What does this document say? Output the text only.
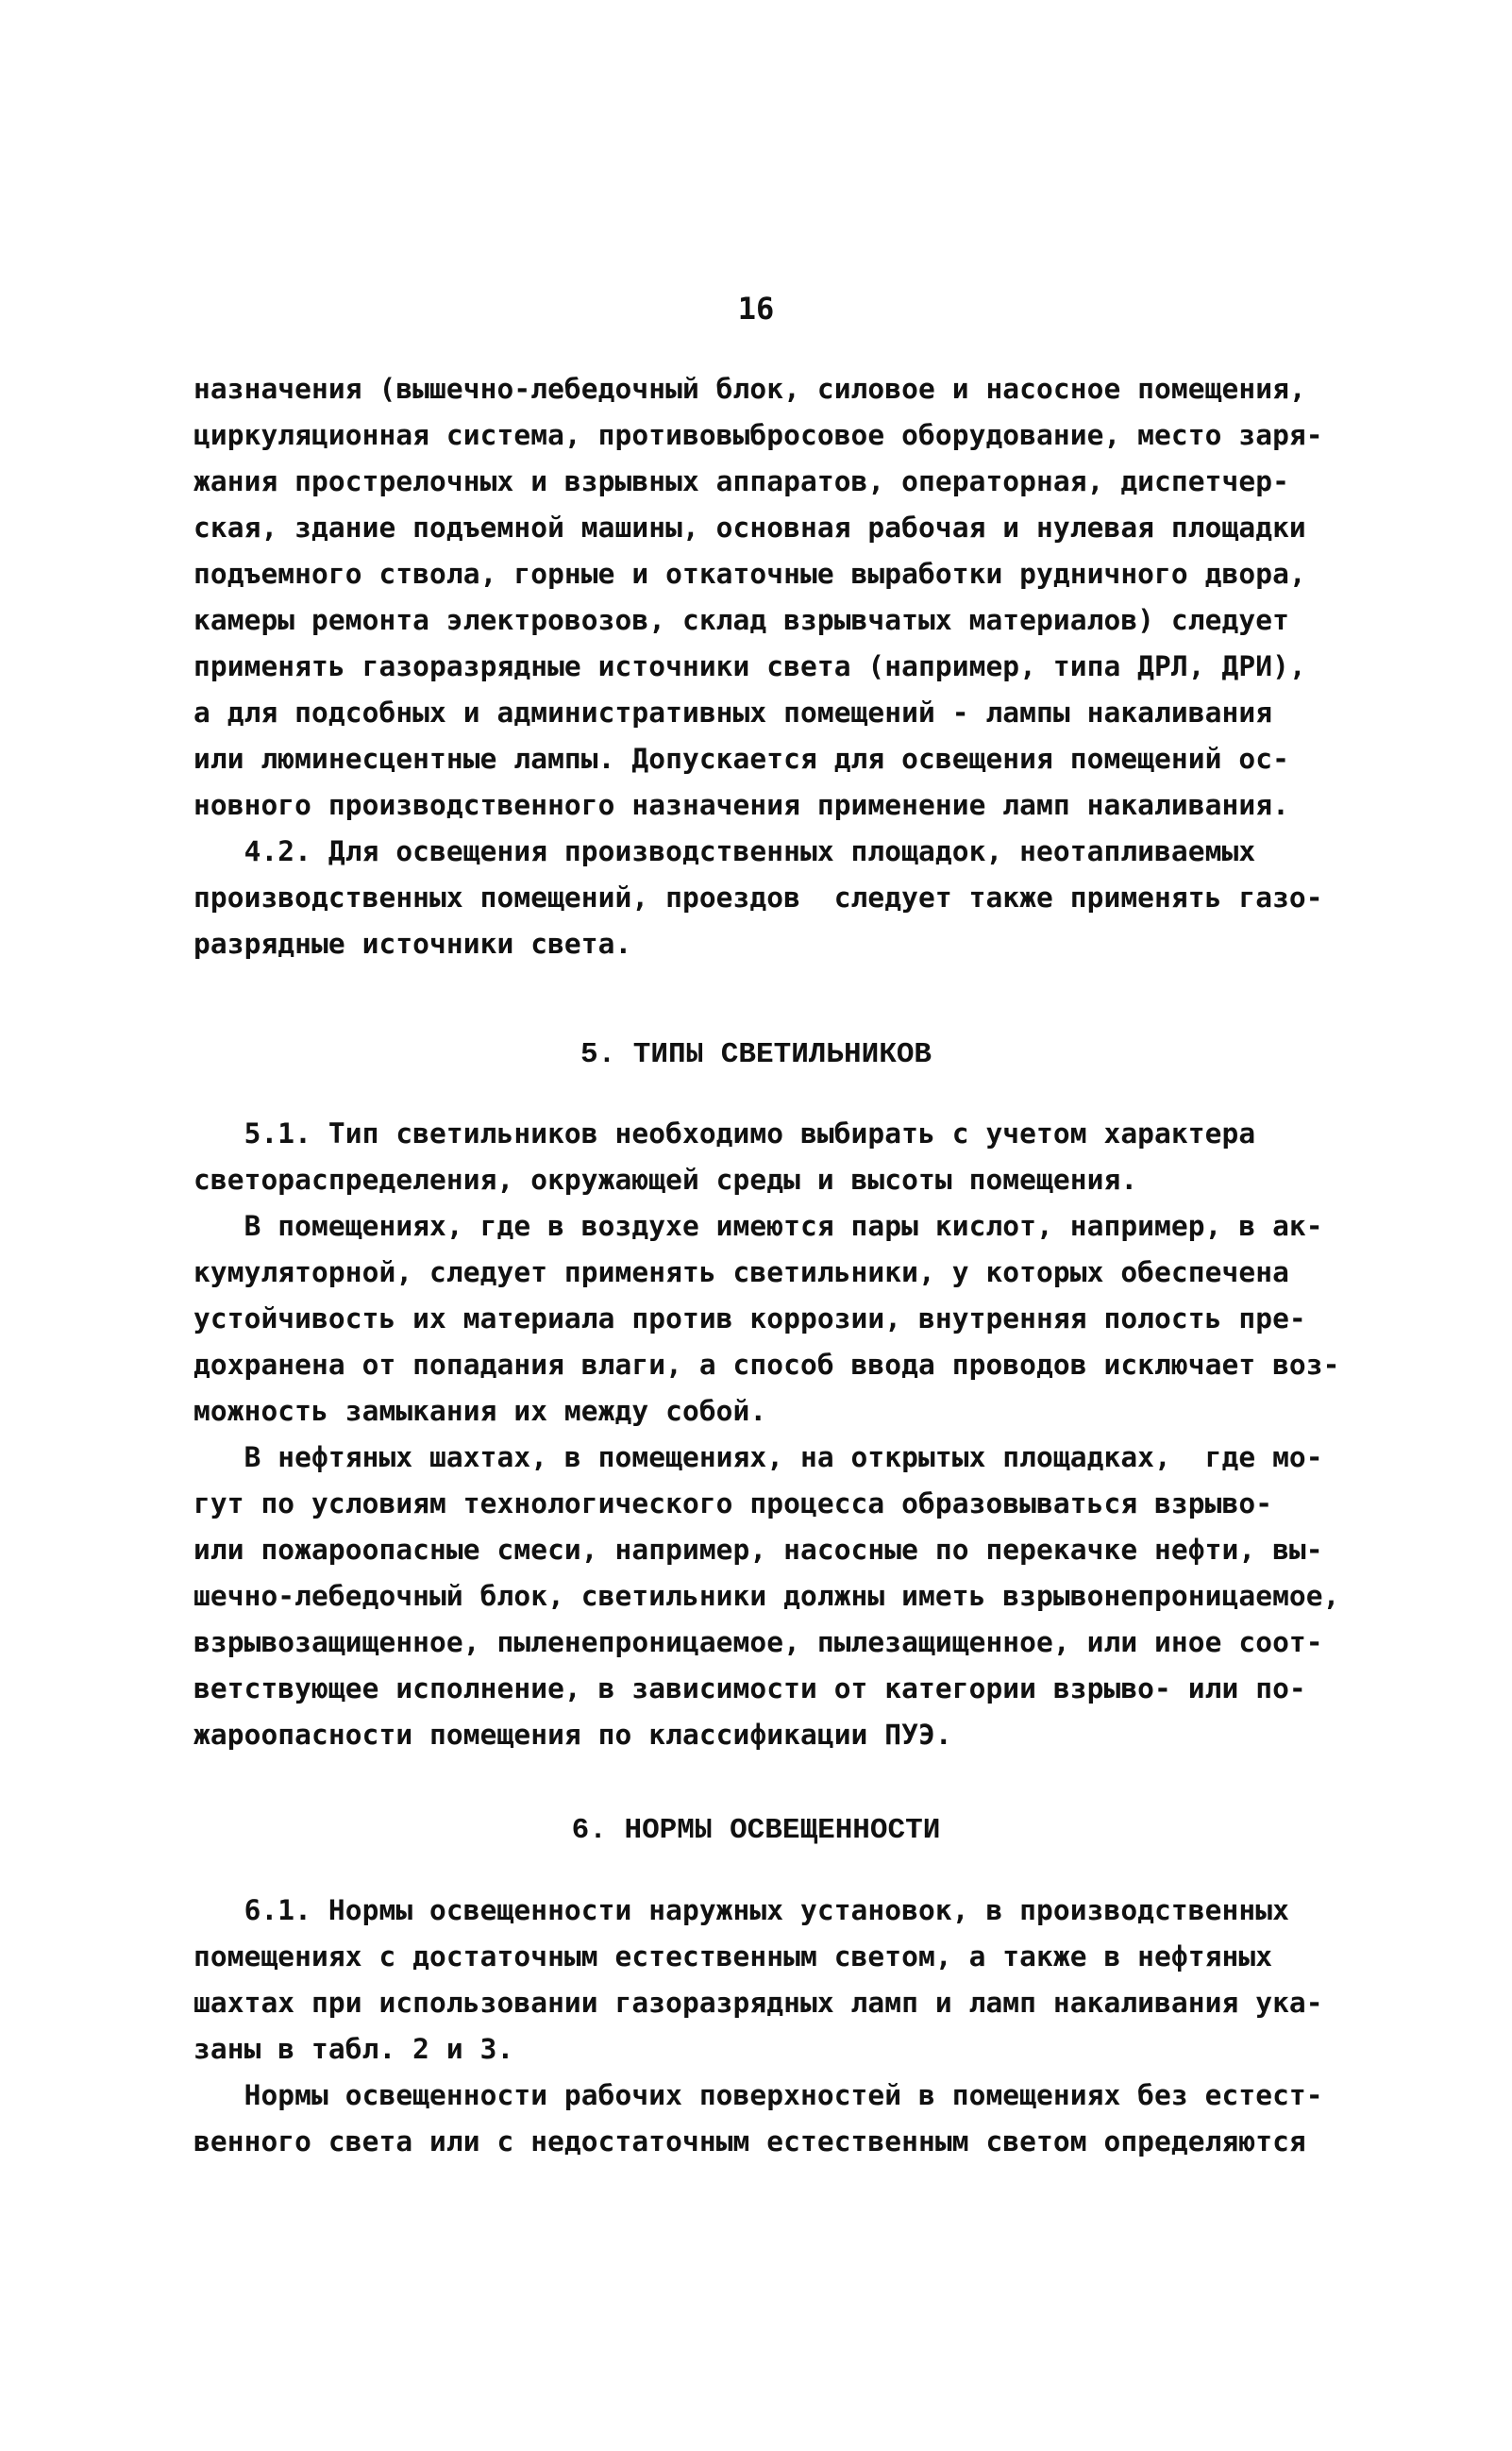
16
назначения (вышечно-лебедочный блок, силовое и насосное помещения,
циркуляционная система, противовыбросовое оборудование, место заря-
жания прострелочных и взрывных аппаратов, операторная, диспетчер-
ская, здание подъемной машины, основная рабочая и нулевая площадки
подъемного ствола, горные и откаточные выработки рудничного двора,
камеры ремонта электровозов, склад взрывчатых материалов) следует
применять газоразрядные источники света (например, типа ДРЛ, ДРИ),
а для подсобных и административных помещений - лампы накаливания
или люминесцентные лампы. Допускается для освещения помещений ос-
новного производственного назначения применение ламп накаливания.
4.2. Для освещения производственных площадок, неотапливаемых
производственных помещений, проездов  следует также применять газо-
разрядные источники света.
5. ТИПЫ СВЕТИЛЬНИКОВ
5.1. Тип светильников необходимо выбирать с учетом характера
светораспределения, окружающей среды и высоты помещения.
В помещениях, где в воздухе имеются пары кислот, например, в ак-
кумуляторной, следует применять светильники, у которых обеспечена
устойчивость их материала против коррозии, внутренняя полость пре-
дохранена от попадания влаги, а способ ввода проводов исключает воз-
можность замыкания их между собой.
В нефтяных шахтах, в помещениях, на открытых площадках,  где мо-
гут по условиям технологического процесса образовываться взрыво-
или пожароопасные смеси, например, насосные по перекачке нефти, вы-
шечно-лебедочный блок, светильники должны иметь взрывонепроницаемое,
взрывозащищенное, пыленепроницаемое, пылезащищенное, или иное соот-
ветствующее исполнение, в зависимости от категории взрыво- или по-
жароопасности помещения по классификации ПУЭ.
6. НОРМЫ ОСВЕЩЕННОСТИ
6.1. Нормы освещенности наружных установок, в производственных
помещениях с достаточным естественным светом, а также в нефтяных
шахтах при использовании газоразрядных ламп и ламп накаливания ука-
заны в табл. 2 и 3.
Нормы освещенности рабочих поверхностей в помещениях без естест-
венного света или с недостаточным естественным светом определяются
